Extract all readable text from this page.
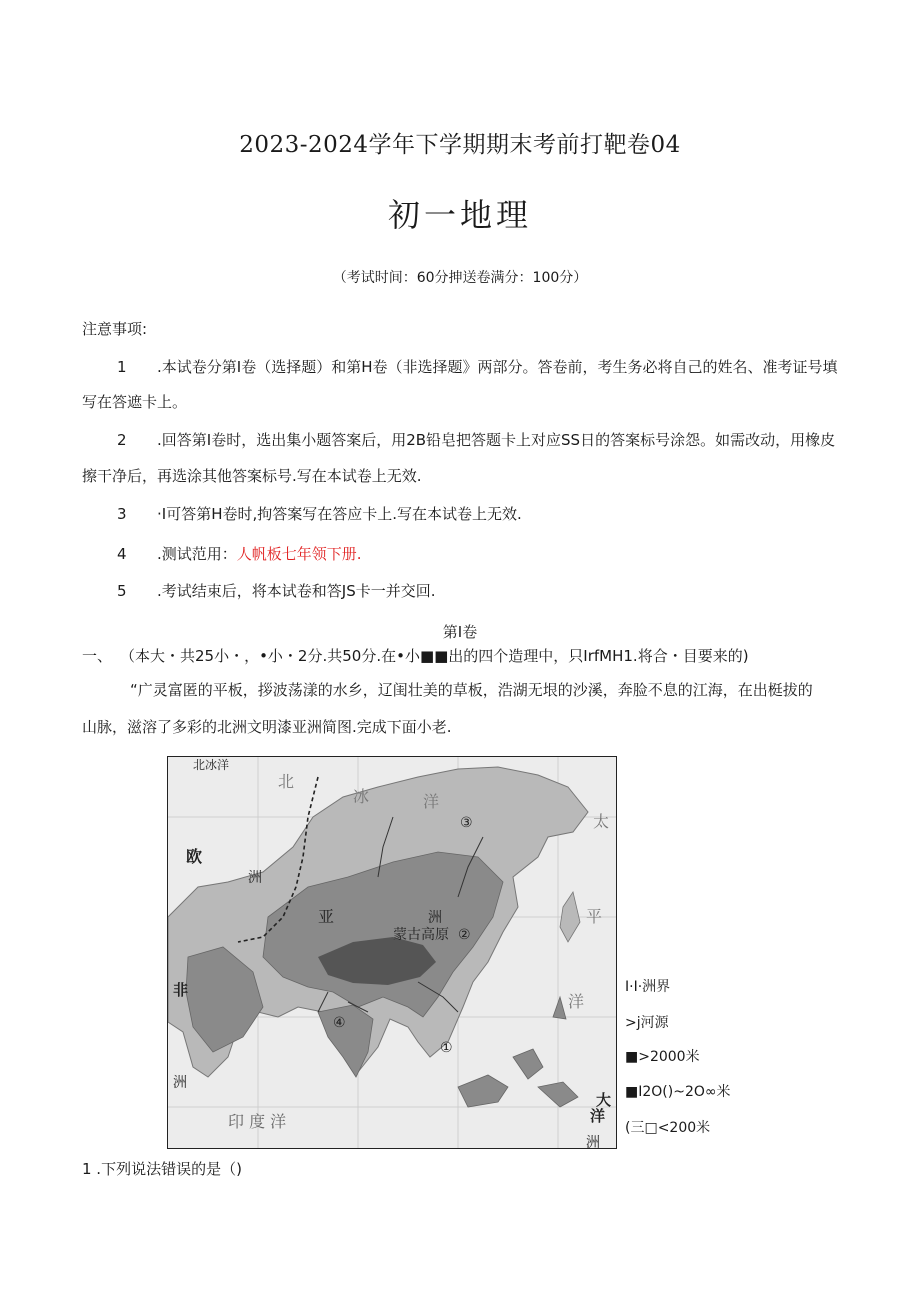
2023-2024学年下学期期末考前打靶卷04
初一地理
（考试时间：60分抻送卷满分：100分）
注意事项:
1 .本试卷分第I卷（选择题）和第H卷（非选择题》两部分。答卷前，考生务必将自己的姓名、准考证号填
写在答遮卡上。
2 .回答第I卷时，选出集小题答案后，用2B铅皂把答题卡上对应SS日的答案标号涂怨。如需改动，用橡皮
擦干净后，再选涂其他答案标号.写在本试卷上无效.
3 ·I可答第H卷时,拘答案写在答应卡上.写在本试卷上无效.
4 .测试范用：人帆板七年领下册.
5 .考试结束后，将本试卷和答JS卡一并交回.
第I卷
一、 （本大・共25小・，•小・2分.共50分.在•小■■出的四个造理中，只IrfMH1.将合・目要来的)
“广灵富匿的平板，拶波荡漾的水乡，辽闺壮美的草板，浩湖无垠的沙溪，奔脸不息的江海，在出梃拔的
山脉，滋溶了多彩的北洲文明漆亚洲简图.完成下面小老.
北冰洋
北
冰	洋
欧
洲
亚	洲
蒙古高原
太
平
洋
非
洲
印 度 洋
大
洋
洲
①
②
③
④
I·I·洲界
>j河源
■>2000米
■I2O()~2O∞米
(三□<200米
1 .下列说法错误的是（)
